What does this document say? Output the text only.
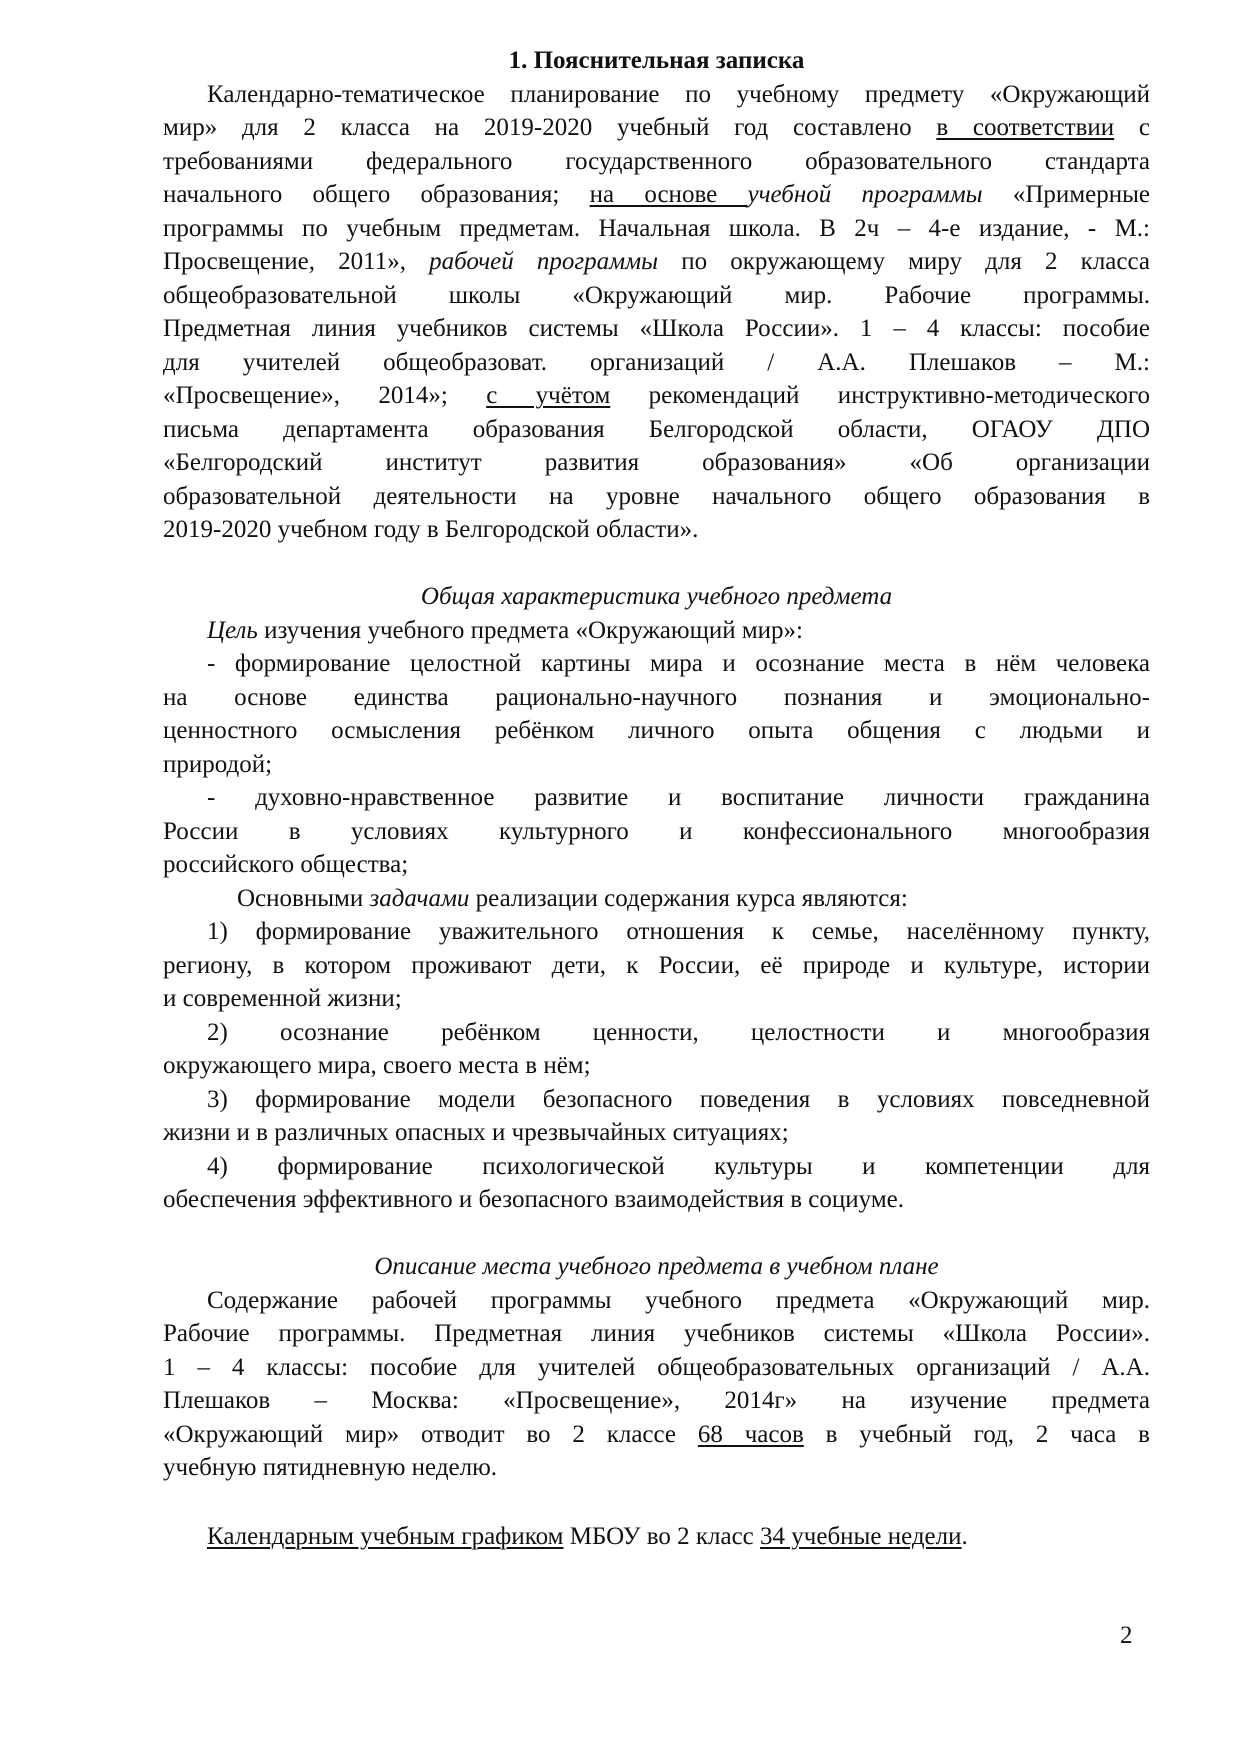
1. Пояснительная записка
Календарно-тематическое планирование по учебному предмету «Окружающий
мир» для 2 класса на 2019-2020 учебный год составлено в соответствии с
требованиями федерального государственного образовательного стандарта
начального общего образования; на основе учебной программы «Примерные
программы по учебным предметам. Начальная школа. В 2ч – 4-е издание, - М.:
Просвещение, 2011», рабочей программы по окружающему миру для 2 класса
общеобразовательной школы «Окружающий мир. Рабочие программы.
Предметная линия учебников системы «Школа России». 1 – 4 классы: пособие
для учителей общеобразоват. организаций / А.А. Плешаков – М.:
«Просвещение», 2014»; с учётом рекомендаций инструктивно-методического
письма департамента образования Белгородской области, ОГАОУ ДПО
«Белгородский институт развития образования» «Об организации
образовательной деятельности на уровне начального общего образования в
2019-2020 учебном году в Белгородской области».
Общая характеристика учебного предмета
Цель изучения учебного предмета «Окружающий мир»:
- формирование целостной картины мира и осознание места в нём человека
на основе единства рационально-научного познания и эмоционально-
ценностного осмысления ребёнком личного опыта общения с людьми и
природой;
- духовно-нравственное развитие и воспитание личности гражданина
России в условиях культурного и конфессионального многообразия
российского общества;
Основными задачами реализации содержания курса являются:
1) формирование уважительного отношения к семье, населённому пункту,
региону, в котором проживают дети, к России, её природе и культуре, истории
и современной жизни;
2) осознание ребёнком ценности, целостности и многообразия
окружающего мира, своего места в нём;
3) формирование модели безопасного поведения в условиях повседневной
жизни и в различных опасных и чрезвычайных ситуациях;
4) формирование психологической культуры и компетенции для
обеспечения эффективного и безопасного взаимодействия в социуме.
Описание места учебного предмета в учебном плане
Содержание рабочей программы учебного предмета «Окружающий мир.
Рабочие программы. Предметная линия учебников системы «Школа России».
1 – 4 классы: пособие для учителей общеобразовательных организаций / А.А.
Плешаков – Москва: «Просвещение», 2014г» на изучение предмета
«Окружающий мир» отводит во 2 классе 68 часов в учебный год, 2 часа в
учебную пятидневную неделю.
Календарным учебным графиком МБОУ во 2 класс 34 учебные недели.
2
